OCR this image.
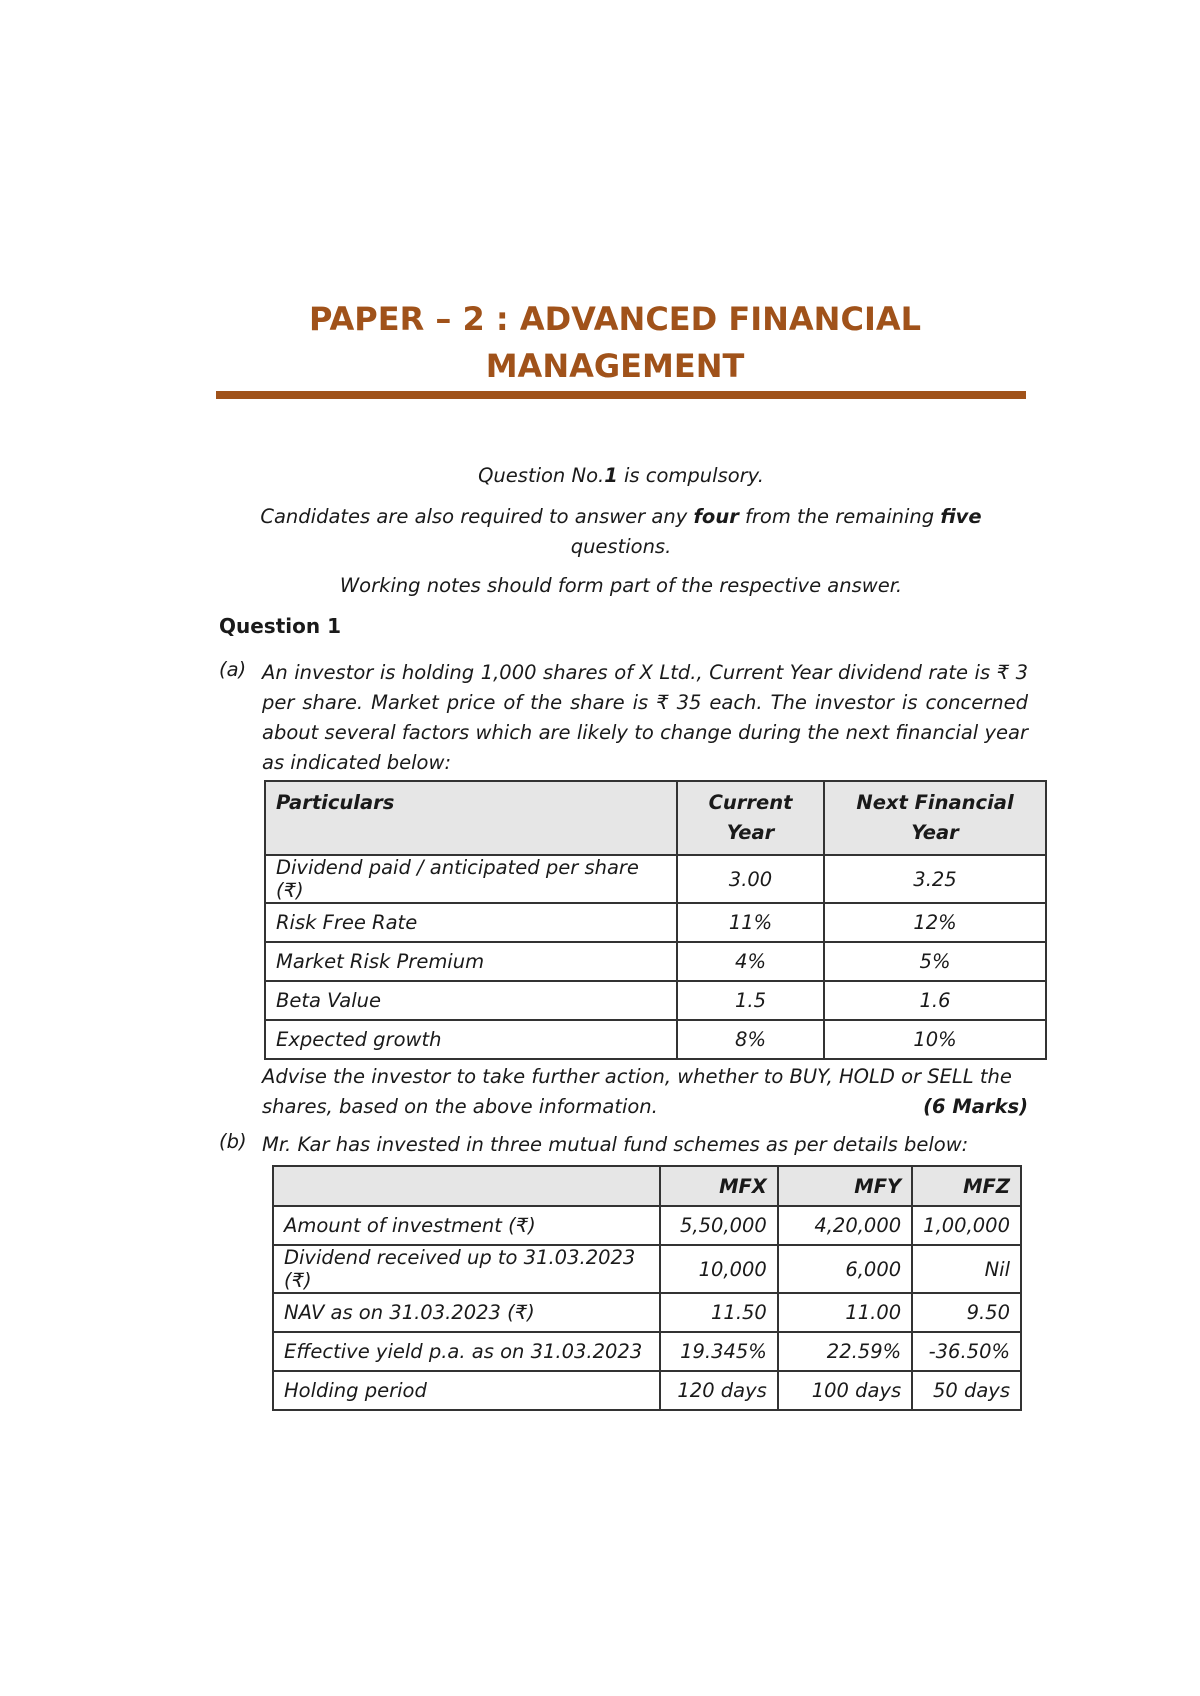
PAPER – 2 : ADVANCED FINANCIAL
MANAGEMENT
Question No.1 is compulsory.
Candidates are also required to answer any four from the remaining five questions.
Working notes should form part of the respective answer.
Question 1
(a) An investor is holding 1,000 shares of X Ltd., Current Year dividend rate is ₹ 3 per share. Market price of the share is ₹ 35 each. The investor is concerned about several factors which are likely to change during the next financial year as indicated below:
Particulars	Current Year	Next Financial Year
Dividend paid / anticipated per share (₹)	3.00	3.25
Risk Free Rate	11%	12%
Market Risk Premium	4%	5%
Beta Value	1.5	1.6
Expected growth	8%	10%
Advise the investor to take further action, whether to BUY, HOLD or SELL the shares, based on the above information.	(6 Marks)
(b) Mr. Kar has invested in three mutual fund schemes as per details below:
	MFX	MFY	MFZ
Amount of investment (₹)	5,50,000	4,20,000	1,00,000
Dividend received up to 31.03.2023 (₹)	10,000	6,000	Nil
NAV as on 31.03.2023 (₹)	11.50	11.00	9.50
Effective yield p.a. as on 31.03.2023	19.345%	22.59%	-36.50%
Holding period	120 days	100 days	50 days
